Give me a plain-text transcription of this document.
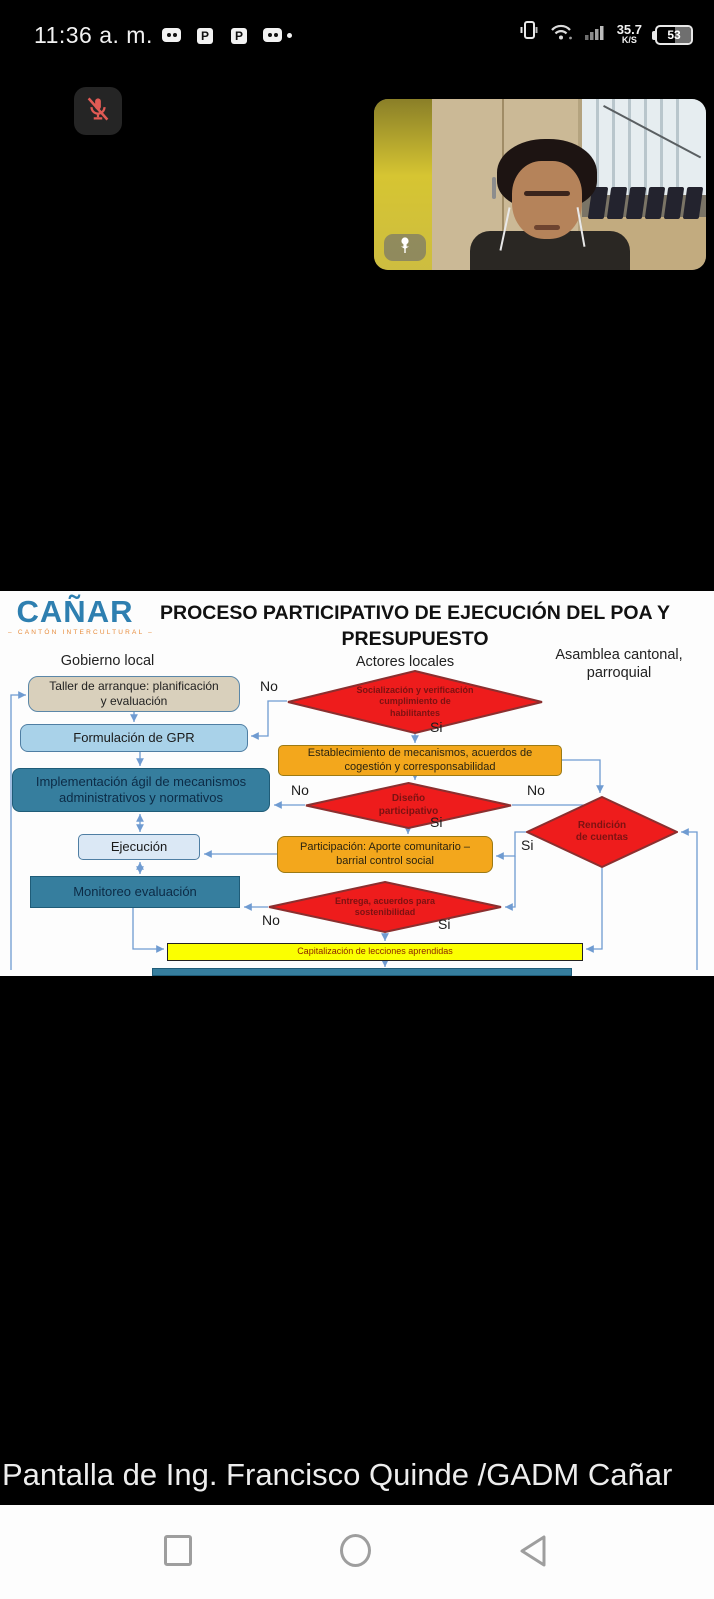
11:36 a. m.	P	P	35.7
K/S	53
CAÑAR
– CANTÓN INTERCULTURAL –
PROCESO PARTICIPATIVO DE EJECUCIÓN DEL POA Y
PRESUPUESTO
Gobierno local	Actores locales	Asamblea cantonal, parroquial
Taller de arranque: planificación
y evaluación
Formulación de GPR
Implementación ágil de mecanismos
administrativos y normativos
Ejecución
Monitoreo evaluación
Socialización y verificación
cumplimiento de
habilitantes
Establecimiento de mecanismos, acuerdos de
cogestión y corresponsabilidad
Diseño
participativo
Participación: Aporte comunitario –
barrial control social
Entrega, acuerdos para
sostenibilidad
Rendición
de cuentas
Capitalización de lecciones aprendidas
No
Si
No
Si
No
Si
No	Si
Pantalla de Ing. Francisco Quinde /GADM Cañar
